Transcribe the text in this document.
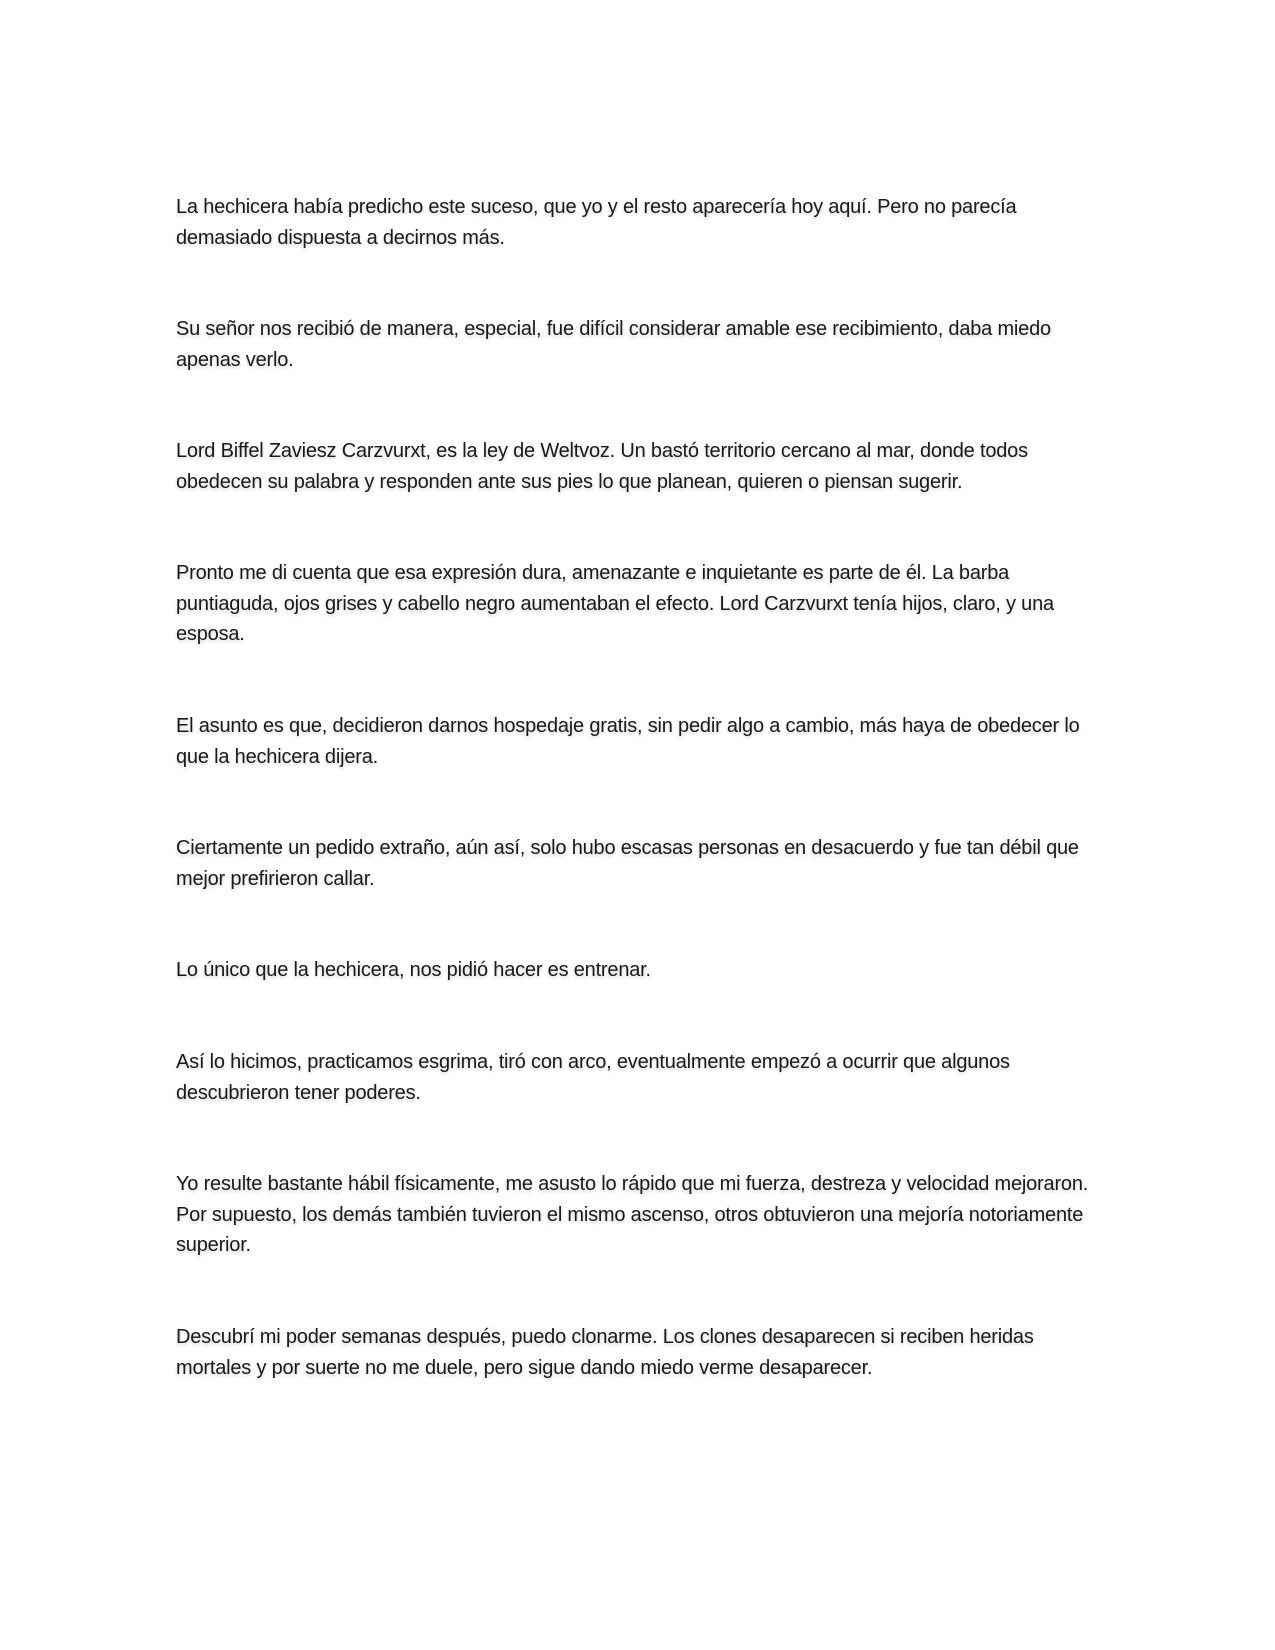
La hechicera había predicho este suceso, que yo y el resto aparecería hoy aquí. Pero no parecía demasiado dispuesta a decirnos más.

Su señor nos recibió de manera, especial, fue difícil considerar amable ese recibimiento, daba miedo apenas verlo.

Lord Biffel Zaviesz Carzvurxt, es la ley de Weltvoz. Un bastó territorio cercano al mar, donde todos obedecen su palabra y responden ante sus pies lo que planean, quieren o piensan sugerir.

Pronto me di cuenta que esa expresión dura, amenazante e inquietante es parte de él. La barba puntiaguda, ojos grises y cabello negro aumentaban el efecto. Lord Carzvurxt tenía hijos, claro, y una esposa.

El asunto es que, decidieron darnos hospedaje gratis, sin pedir algo a cambio, más haya de obedecer lo que la hechicera dijera.

Ciertamente un pedido extraño, aún así, solo hubo escasas personas en desacuerdo y fue tan débil que mejor prefirieron callar.

Lo único que la hechicera, nos pidió hacer es entrenar.

Así lo hicimos, practicamos esgrima, tiró con arco, eventualmente empezó a ocurrir que algunos descubrieron tener poderes.

Yo resulte bastante hábil físicamente, me asusto lo rápido que mi fuerza, destreza y velocidad mejoraron. Por supuesto, los demás también tuvieron el mismo ascenso, otros obtuvieron una mejoría notoriamente superior.

Descubrí mi poder semanas después, puedo clonarme. Los clones desaparecen si reciben heridas mortales y por suerte no me duele, pero sigue dando miedo verme desaparecer.
